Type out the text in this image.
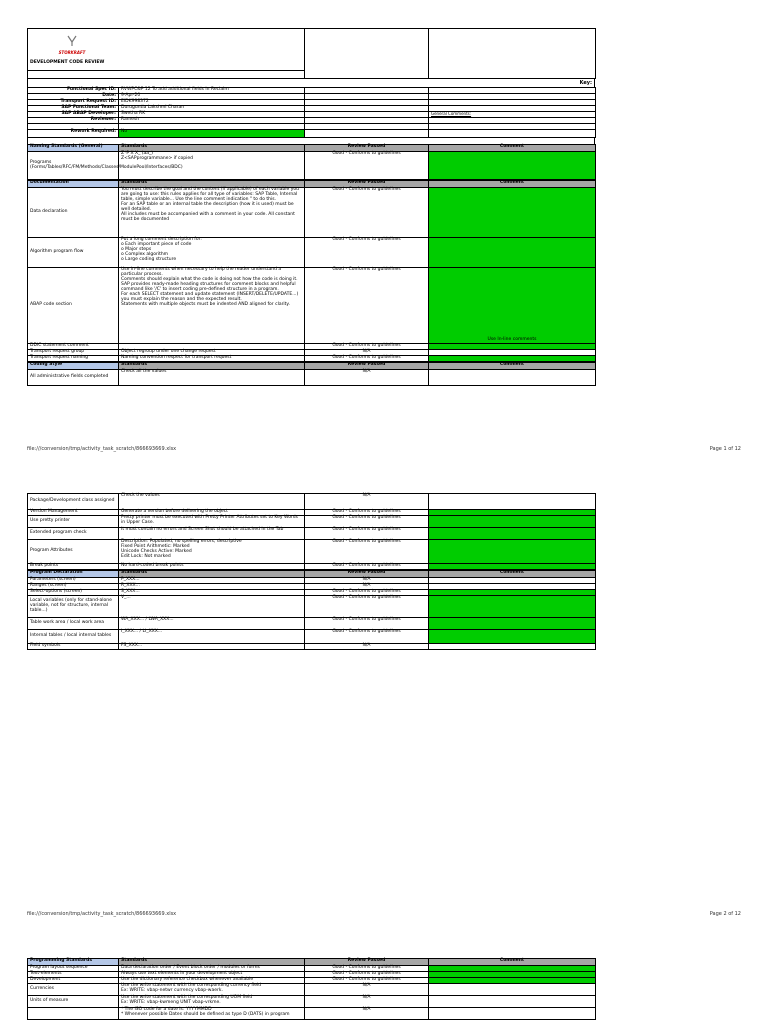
STORKRAFT

DEVELOPMENT CODE REVIEW

Key:
Functional Spec ID:	RVWPC&P 12 To add additional fields in Reclaim		
Date:	9-Apr-20		
Transport Request ID:	EIDK998372		
SAP Functional Team:	Duruguntla Lakshmi Charan		
SAP ABAP Developer:	Swetha RK		General Comments:
Reviewer:	Ramesh		

Rework Required:	No		
Naming Standards (General)	Standards	Review Passed	Comment
Programs (Forms/Tables/RFC/FM/Methods/Classes/ModulePool/Interfaces/BDC)	Z*P X X_ (aa_)
Z<SAPprogrammane> if copied	Good - Conforms to guidelines	
Documentation	Standards	Review Passed	Comment
Data declaration	You must describe the goal and the content (if applicable) of each variable you are going to use: this rules applies for all type of variables: SAP Table, Internal table, simple variable... Use the line comment indication " to do this.
For an SAP table or an internal table the description (how it is used) must be well detailed.
All includes must be accompanied with a comment in your code. All constant must be documented	Good - Conforms to guidelines	
Algorithm program flow	Put a long comment description for:
o Each important piece of code
o Major steps
o Complex algorithm
o Large coding structure	Good - Conforms to guidelines	
ABAP code section	Use in-line comments when necessary to help the reader understand a particular process.
Comments should explain what the code is doing not how the code is doing it.
SAP provides ready-made heading structures for comment blocks and helpful command like '/C' to insert coding pre-defined structure in a program.
For each SELECT statement and update statement (INSERT/DELETE/UPDATE...) you must explain the reason and the expected result.
Statements with multiple objects must be indented AND aligned for clarity.	Good - Conforms to guidelines	Use In-line comments
DDIC statement comment		Good - Conforms to guidelines	
Transport request group	Object regroup under one change request	N/A	
Transport request naming	Naming convention respect for transport request	Good - Conforms to guidelines	
Coding Style	Standards	Review Passed	Comment
All administrative fields completed	Check all the values	N/A	
file:///conversion/tmp/activity_task_scratch/866693669.xlsx	Page 1 of 12
Package/Development class assigned	Check the values	N/A	
Version Management	Generate a version before delivering the object	Good - Conforms to guidelines	
Use pretty printer	Pretty printer must be executed with Pretty Printer Attributes set to Key Words in Upper Case.	Good - Conforms to guidelines	
Extended program check	It must contain no errors and Screen Shot should be attached in the Tab	Good - Conforms to guidelines	
Program Attributes	Description: Populated, no spelling errors, descriptive
Fixed Point Arithmetic: Marked
Unicode Checks Active: Marked
Edit Lock: Not marked	Good - Conforms to guidelines	
Break points	No hard-coded break points	Good - Conforms to guidelines	
Program Declaration	Standards	Review Passed	Comment
Parameters (screen)	P_XXX...	N/A	
Ranges (screen)	R_XXX...	N/A	
Select-options (screen)	S_XXX...	Good - Conforms to guidelines	
Local variables (only for stand-alone variable, not for structure, internal table...)	V_...	Good - Conforms to guidelines	
Table work area / local work area	WA_XXX... / LWA_XXX...	Good - Conforms to guidelines	
Internal tables / local internal tables	I_XXX... / LI_XXX...	Good - Conforms to guidelines	
Field symbols	FS_XXX...	N/A	
file:///conversion/tmp/activity_task_scratch/866693669.xlsx	Page 2 of 12
Programming Standards	Standards	Review Passed	Comment
Program layout sequence	Data declaration order / Event block order / modules or forms	Good - Conforms to guidelines	
Text-elements	Always use text elements in your development object	Good - Conforms to guidelines	
Development	Use the dictionary reference checkbox whenever available	Good - Conforms to guidelines	
Currencies	Use the write statement with the corresponding currency field
Ex: WRITE: vbap-netwr currency vbap-waerk.	N/A	
Units of measure	Use the write statement with the corresponding UOM field
Ex: WRITE: vbap-kwmeng UNIT vbap-vrkme.	N/A	
	* The ISO code for a date is: YYYYMMDD
* Whenever possible Dates should be defined as type D (DATS) in program	N/A	
